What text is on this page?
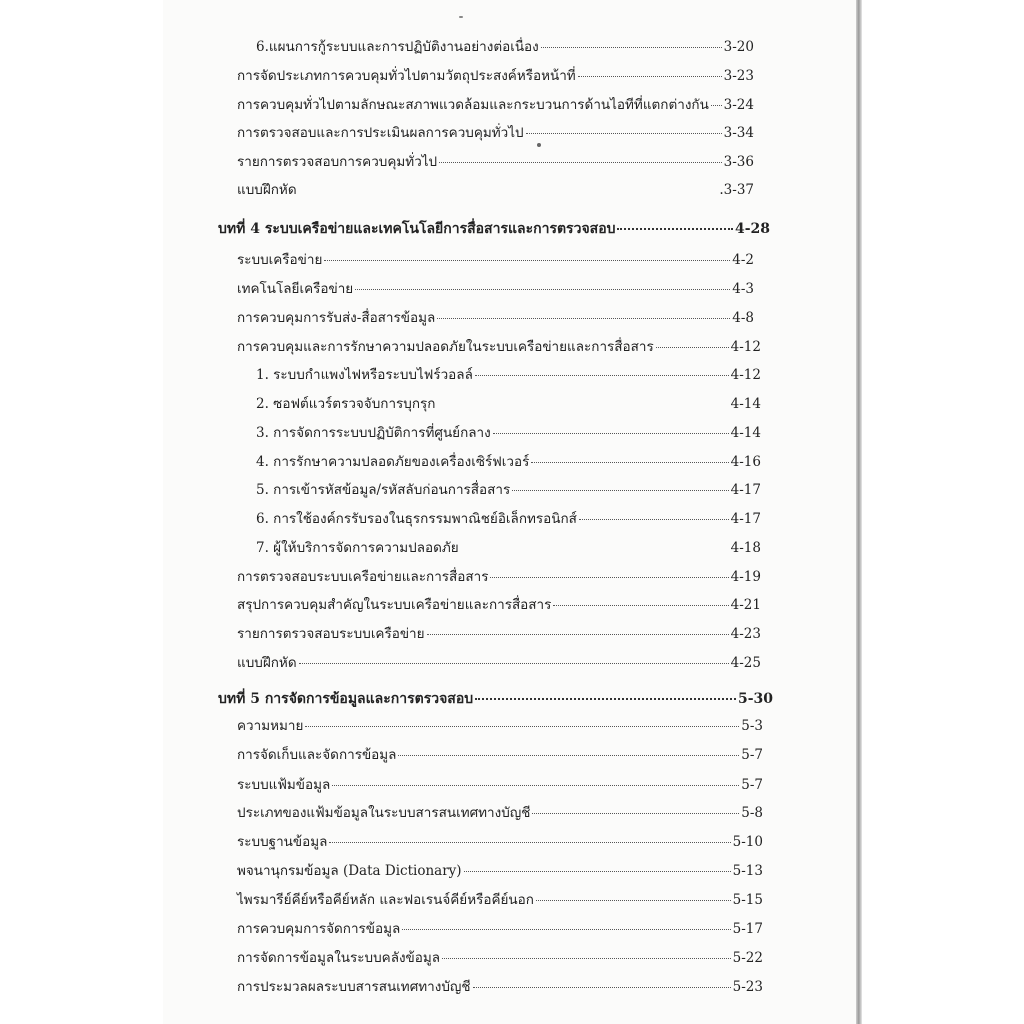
6.แผนการกู้ระบบและการปฏิบัติงานอย่างต่อเนื่อง	3-20
การจัดประเภทการควบคุมทั่วไปตามวัตถุประสงค์หรือหน้าที่	3-23
การควบคุมทั่วไปตามลักษณะสภาพแวดล้อมและกระบวนการด้านไอทีที่แตกต่างกัน 3-24
การตรวจสอบและการประเมินผลการควบคุมทั่วไป	3-34
รายการตรวจสอบการควบคุมทั่วไป	3-36
แบบฝึกหัด	.3-37
บทที่ 4 ระบบเครือข่ายและเทคโนโลยีการสื่อสารและการตรวจสอบ	4-28
ระบบเครือข่าย	4-2
เทคโนโลยีเครือข่าย	4-3
การควบคุมการรับส่ง-สื่อสารข้อมูล	4-8
การควบคุมและการรักษาความปลอดภัยในระบบเครือข่ายและการสื่อสาร	4-12
1. ระบบกำแพงไฟหรือระบบไฟร์วอลล์	4-12
2. ซอฟต์แวร์ตรวจจับการบุกรุก	4-14
3. การจัดการระบบปฏิบัติการที่ศูนย์กลาง	4-14
4. การรักษาความปลอดภัยของเครื่องเซิร์ฟเวอร์	4-16
5. การเข้ารหัสข้อมูล/รหัสลับก่อนการสื่อสาร	4-17
6. การใช้องค์กรรับรองในธุรกรรมพาณิชย์อิเล็กทรอนิกส์	4-17
7. ผู้ให้บริการจัดการความปลอดภัย	4-18
การตรวจสอบระบบเครือข่ายและการสื่อสาร	4-19
สรุปการควบคุมสำคัญในระบบเครือข่ายและการสื่อสาร	4-21
รายการตรวจสอบระบบเครือข่าย	4-23
แบบฝึกหัด	4-25
บทที่ 5 การจัดการข้อมูลและการตรวจสอบ	5-30
ความหมาย	5-3
การจัดเก็บและจัดการข้อมูล	5-7
ระบบแฟ้มข้อมูล	5-7
ประเภทของแฟ้มข้อมูลในระบบสารสนเทศทางบัญชี	5-8
ระบบฐานข้อมูล	5-10
พจนานุกรมข้อมูล (Data Dictionary)	5-13
ไพรมารีย์คีย์หรือคีย์หลัก และฟอเรนจ์คีย์หรือคีย์นอก	5-15
การควบคุมการจัดการข้อมูล	5-17
การจัดการข้อมูลในระบบคลังข้อมูล	5-22
การประมวลผลระบบสารสนเทศทางบัญชี	5-23
